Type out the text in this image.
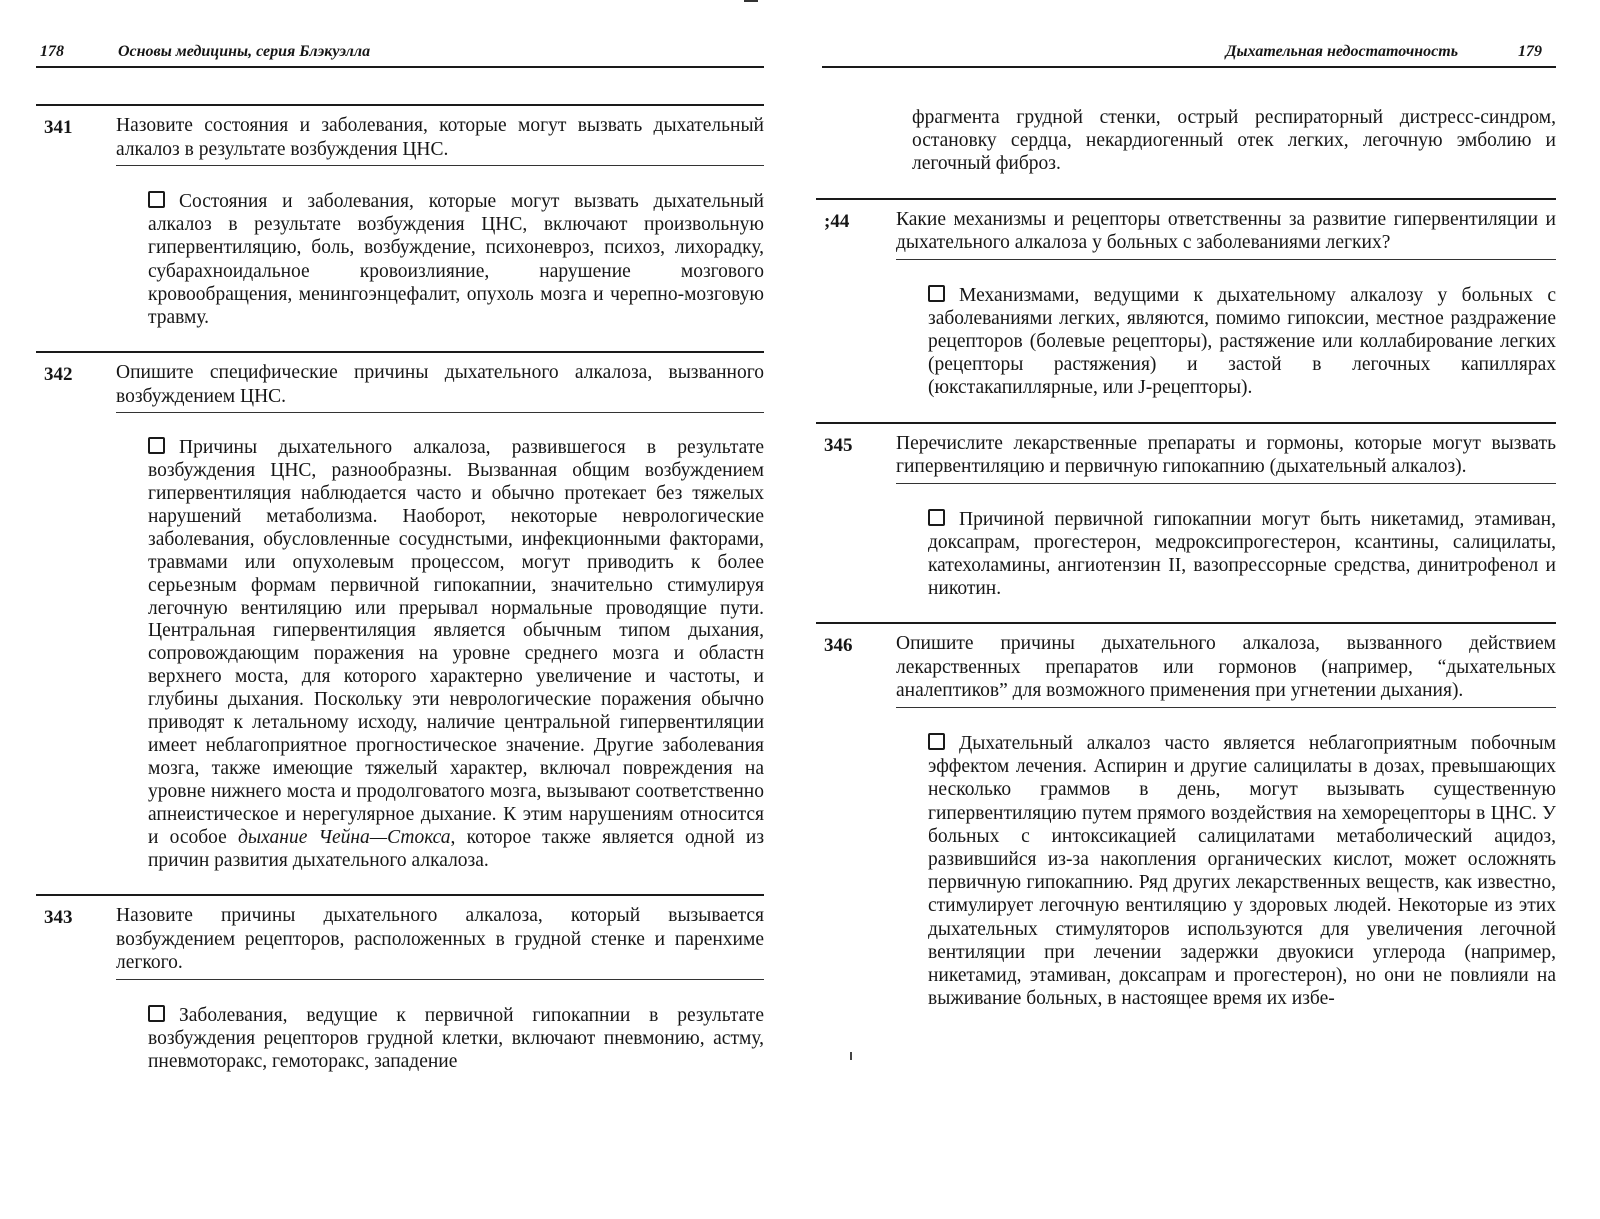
178	Основы медицины, серия Блэкуэлла
341 Назовите состояния и заболевания, которые могут вызвать дыхательный алкалоз в результате возбуждения ЦНС.
Состояния и заболевания, которые могут вызвать дыхательный алкалоз в результате возбуждения ЦНС, включают произвольную гипервентиляцию, боль, возбуждение, психоневроз, психоз, лихорадку, субарахноидальное кровоизлияние, нарушение мозгового кровообращения, менингоэнцефалит, опухоль мозга и черепно-мозговую травму.
342 Опишите специфические причины дыхательного алкалоза, вызванного возбуждением ЦНС.
Причины дыхательного алкалоза, развившегося в результате возбуждения ЦНС, разнообразны. Вызванная общим возбуждением гипервентиляция наблюдается часто и обычно протекает без тяжелых нарушений метаболизма. Наоборот, некоторые неврологические заболевания, обусловленные сосуднстыми, инфекционными факторами, травмами или опухолевым процессом, могут приводить к более серьезным формам первичной гипокапнии, значительно стимулируя легочную вентиляцию или прерывал нормальные проводящие пути. Центральная гипервентиляция является обычным типом дыхания, сопровождающим поражения на уровне среднего мозга и областн верхнего моста, для которого характерно увеличение и частоты, и глубины дыхания. Поскольку эти неврологические поражения обычно приводят к летальному исходу, наличие центральной гипервентиляции имеет неблагоприятное прогностическое значение. Другие заболевания мозга, также имеющие тяжелый характер, включал повреждения на уровне нижнего моста и продолговатого мозга, вызывают соответственно апнеистическое и нерегулярное дыхание. К этим нарушениям относится и особое дыхание Чейна—Стокса, которое также является одной из причин развития дыхательного алкалоза.
343 Назовите причины дыхательного алкалоза, который вызывается возбуждением рецепторов, расположенных в грудной стенке и паренхиме легкого.
Заболевания, ведущие к первичной гипокапнии в результате возбуждения рецепторов грудной клетки, включают пневмонию, астму, пневмоторакс, гемоторакс, западение
Дыхательная недостаточность	179
фрагмента грудной стенки, острый респираторный дистресс-синдром, остановку сердца, некардиогенный отек легких, легочную эмболию и легочный фиброз.
;44 Какие механизмы и рецепторы ответственны за развитие гипервентиляции и дыхательного алкалоза у больных с заболеваниями легких?
Механизмами, ведущими к дыхательному алкалозу у больных с заболеваниями легких, являются, помимо гипоксии, местное раздражение рецепторов (болевые рецепторы), растяжение или коллабирование легких (рецепторы растяжения) и застой в легочных капиллярах (юкстакапиллярные, или J-рецепторы).
345 Перечислите лекарственные препараты и гормоны, которые могут вызвать гипервентиляцию и первичную гипокапнию (дыхательный алкалоз).
Причиной первичной гипокапнии могут быть никетамид, этамиван, доксапрам, прогестерон, медроксипрогестерон, ксантины, салицилаты, катехоламины, ангиотензин II, вазопрессорные средства, динитрофенол и никотин.
346 Опишите причины дыхательного алкалоза, вызванного действием лекарственных препаратов или гормонов (например, “дыхательных аналептиков” для возможного применения при угнетении дыхания).
Дыхательный алкалоз часто является неблагоприятным побочным эффектом лечения. Аспирин и другие салицилаты в дозах, превышающих несколько граммов в день, могут вызывать существенную гипервентиляцию путем прямого воздействия на хеморецепторы в ЦНС. У больных с интоксикацией салицилатами метаболический ацидоз, развившийся из-за накопления органических кислот, может осложнять первичную гипокапнию. Ряд других лекарственных веществ, как известно, стимулирует легочную вентиляцию у здоровых людей. Некоторые из этих дыхательных стимуляторов используются для увеличения легочной вентиляции при лечении задержки двуокиси углерода (например, никетамид, этамиван, доксапрам и прогестерон), но они не повлияли на выживание больных, в настоящее время их избе-
